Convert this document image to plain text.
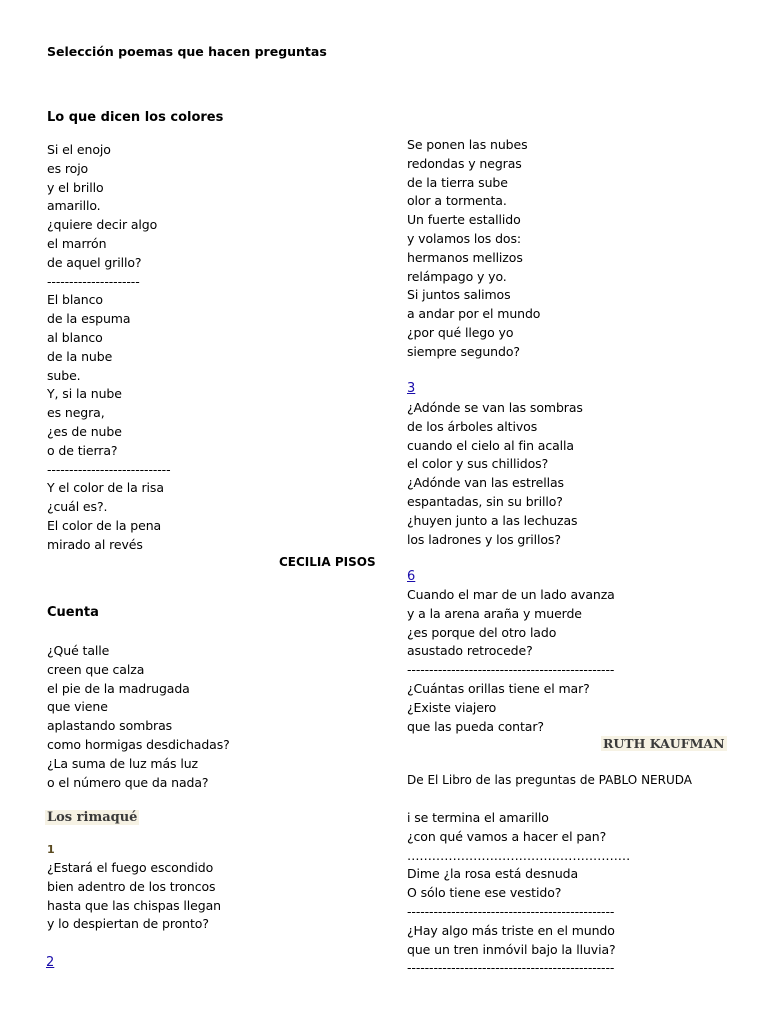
Selección poemas que hacen preguntas
Lo que dicen los colores
Si el enojo
es rojo
y el brillo
amarillo.
¿quiere decir algo
el marrón
de aquel grillo?
---------------------
El blanco
de la espuma
al blanco
de la nube
sube.
Y, si la nube
es negra,
¿es de nube
o de tierra?
----------------------------
Y el color de la risa
¿cuál es?.
El color de la pena
mirado al revés
CECILIA PISOS
Cuenta
¿Qué talle
creen que calza
el pie de la madrugada
que viene
aplastando sombras
como hormigas desdichadas?
¿La suma de luz más luz
o el número que da nada?
Los rimaqué
1
¿Estará el fuego escondido
bien adentro de los troncos
hasta que las chispas llegan
y lo despiertan de pronto?
2
Se ponen las nubes
redondas y negras
de la tierra sube
olor a tormenta.
Un fuerte estallido
y volamos los dos:
hermanos mellizos
relámpago y yo.
Si juntos salimos
a andar por el mundo
¿por qué llego yo
siempre segundo?
3
¿Adónde se van las sombras
de los árboles altivos
cuando el cielo al fin acalla
el color y sus chillidos?
¿Adónde van las estrellas
espantadas, sin su brillo?
¿huyen junto a las lechuzas
los ladrones y los grillos?
6
Cuando el mar de un lado avanza
y a la arena araña y muerde
¿es porque del otro lado
asustado retrocede?
-----------------------------------------------
¿Cuántas orillas tiene el mar?
¿Existe viajero
que las pueda contar?
RUTH KAUFMAN
De El Libro de las preguntas de PABLO NERUDA
i se termina el amarillo
¿con qué vamos a hacer el pan?
………………………………………………
Dime ¿la rosa está desnuda
O sólo tiene ese vestido?
-----------------------------------------------
¿Hay algo más triste en el mundo
que un tren inmóvil bajo la lluvia?
-----------------------------------------------
